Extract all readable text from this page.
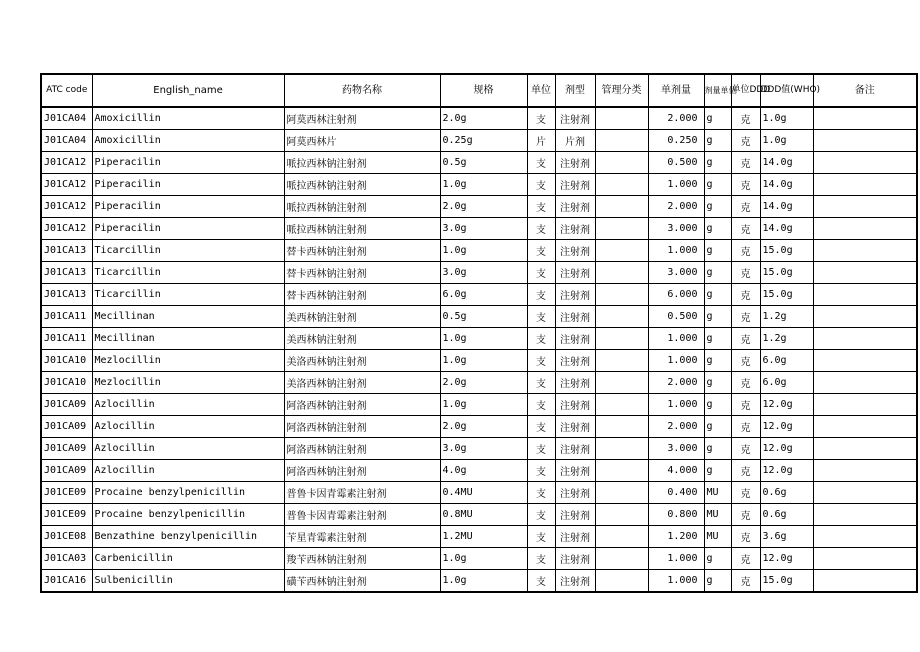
ATC code	English_name	药物名称	规格	单位	剂型	管理分类	单剂量	剂量单位	单位DDD	DDD值(WHO)	备注
J01CA04	Amoxicillin	阿莫西林注射剂	2.0g	支	注射剂		2.000	g	克	1.0g	
J01CA04	Amoxicillin	阿莫西林片	0.25g	片	片剂		0.250	g	克	1.0g	
J01CA12	Piperacilin	哌拉西林钠注射剂	0.5g	支	注射剂		0.500	g	克	14.0g	
J01CA12	Piperacilin	哌拉西林钠注射剂	1.0g	支	注射剂		1.000	g	克	14.0g	
J01CA12	Piperacilin	哌拉西林钠注射剂	2.0g	支	注射剂		2.000	g	克	14.0g	
J01CA12	Piperacilin	哌拉西林钠注射剂	3.0g	支	注射剂		3.000	g	克	14.0g	
J01CA13	Ticarcillin	替卡西林钠注射剂	1.0g	支	注射剂		1.000	g	克	15.0g	
J01CA13	Ticarcillin	替卡西林钠注射剂	3.0g	支	注射剂		3.000	g	克	15.0g	
J01CA13	Ticarcillin	替卡西林钠注射剂	6.0g	支	注射剂		6.000	g	克	15.0g	
J01CA11	Mecillinan	美西林钠注射剂	0.5g	支	注射剂		0.500	g	克	1.2g	
J01CA11	Mecillinan	美西林钠注射剂	1.0g	支	注射剂		1.000	g	克	1.2g	
J01CA10	Mezlocillin	美洛西林钠注射剂	1.0g	支	注射剂		1.000	g	克	6.0g	
J01CA10	Mezlocillin	美洛西林钠注射剂	2.0g	支	注射剂		2.000	g	克	6.0g	
J01CA09	Azlocillin	阿洛西林钠注射剂	1.0g	支	注射剂		1.000	g	克	12.0g	
J01CA09	Azlocillin	阿洛西林钠注射剂	2.0g	支	注射剂		2.000	g	克	12.0g	
J01CA09	Azlocillin	阿洛西林钠注射剂	3.0g	支	注射剂		3.000	g	克	12.0g	
J01CA09	Azlocillin	阿洛西林钠注射剂	4.0g	支	注射剂		4.000	g	克	12.0g	
J01CE09	Procaine benzylpenicillin	普鲁卡因青霉素注射剂	0.4MU	支	注射剂		0.400	MU	克	0.6g	
J01CE09	Procaine benzylpenicillin	普鲁卡因青霉素注射剂	0.8MU	支	注射剂		0.800	MU	克	0.6g	
J01CE08	Benzathine benzylpenicillin	苄星青霉素注射剂	1.2MU	支	注射剂		1.200	MU	克	3.6g	
J01CA03	Carbenicillin	羧苄西林钠注射剂	1.0g	支	注射剂		1.000	g	克	12.0g	
J01CA16	Sulbenicillin	磺苄西林钠注射剂	1.0g	支	注射剂		1.000	g	克	15.0g	
